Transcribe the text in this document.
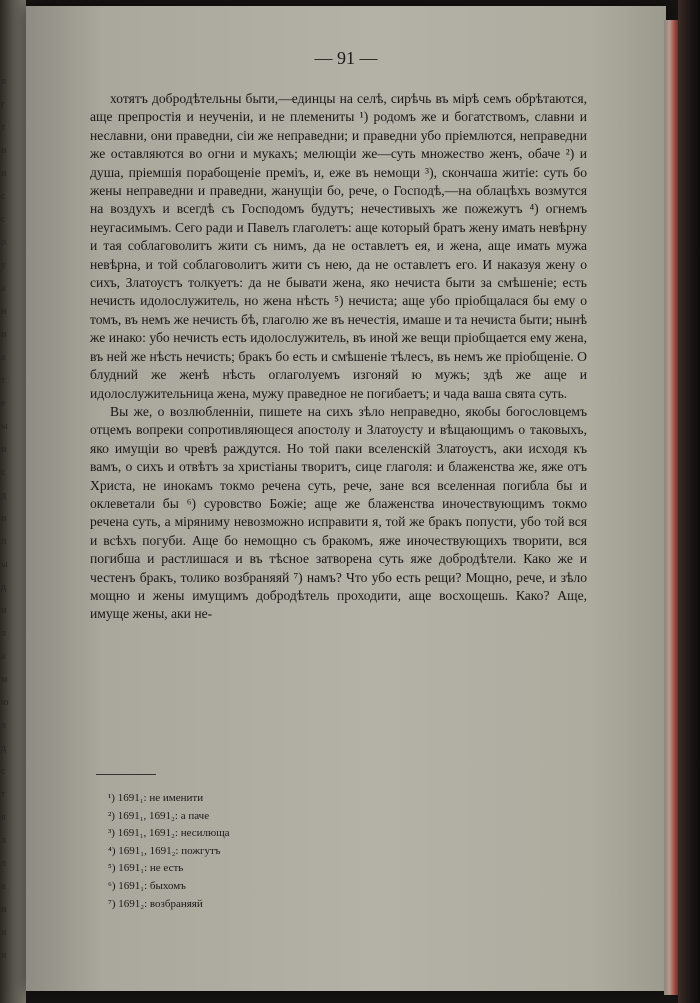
n
г
т
н
и
с
с
о
у
а
н
и
а
т
е
ы
и
с
д
и
п
ы
д
н
л
а
м
ю
л
д
с
т
я
л
л
а
и
н
и
— 91 —

хотятъ добродѣтельны быти,—единцы на селѣ, сирѣчь въ мірѣ семъ обрѣтаются, аще препростія и неученіи, и не племениты ¹) родомъ же и богатствомъ, славни и неславни, они праведни, сіи же неправедни; и праведни убо пріемлются, неправедни же оставляются во огни и мукахъ; мелющіи же—суть множество женъ, обаче ²) и душа, пріемшія порабощеніе преміъ, и, еже въ немощи ³), скончаша житіе: суть бо жены неправедни и праведни, жанущіи бо, рече, о Господѣ,—на облацѣхъ возмутся на воздухъ и всегдѣ съ Господомъ будутъ; нечестивыхъ же пожежутъ ⁴) огнемъ неугасимымъ. Сего ради и Павелъ глаголетъ: аще который братъ жену имать невѣрну и тая соблаговолитъ жити съ нимъ, да не оставлетъ ея, и жена, аще имать мужа невѣрна, и той соблаговолитъ жити съ нею, да не оставлетъ его. И наказуя жену о сихъ, Златоустъ толкуетъ: да не бывати жена, яко нечиста быти за смѣшеніе; есть нечисть идолослужитель, но жена нѣсть ⁵) нечиста; аще убо пріобщалася бы ему о томъ, въ немъ же нечисть бѣ, глаголю же въ нечестія, имаше и та нечиста быти; нынѣ же инако: убо нечисть есть идолослужитель, въ иной же вещи пріобщается ему жена, въ ней же нѣсть нечисть; бракъ бо есть и смѣшеніе тѣлесъ, въ немъ же пріобщеніе. О блудний же женѣ нѣсть оглаголуемъ изгоняй ю мужъ; здѣ же аще и идолослужительница жена, мужу праведное не погибаетъ; и чада ваша свята суть.

Вы же, о возлюбленніи, пишете на сихъ зѣло неправедно, якобы богословцемъ отцемъ вопреки сопротивляющеся апостолу и Златоусту и вѣщающимъ о таковыхъ, яко имущіи во чревѣ раждутся. Но той паки вселенскій Златоустъ, аки исходя къ вамъ, о сихъ и отвѣтъ за христіаны творитъ, сице глаголя: и блаженства же, яже отъ Христа, не инокамъ токмо речена суть, рече, зане вся вселенная погибла бы и оклеветали бы ⁶) суровство Божіе; аще же блаженства иночествующимъ токмо речена суть, а міряниму невозможно исправити я, той же бракъ попусти, убо той вся и всѣхъ погуби. Аще бо немощно съ бракомъ, яже иночествующихъ творити, вся погибша и растлишася и въ тѣсное затворена суть яже добродѣтели. Како же и честенъ бракъ, толико возбраняяй ⁷) намъ? Что убо есть рещи? Мощно, рече, и зѣло мощно и жены имущимъ добродѣтель проходити, аще восхощешь. Како? Аще, имуще жены, аки не-

¹) 1691₁: не именити
²) 1691₁, 1691₂: а паче
³) 1691₁, 1691₂: несилюща
⁴) 1691₁, 1691₂: пожгутъ
⁵) 1691₁: не есть
⁶) 1691₁: быхомъ
⁷) 1691₂: возбраняяй
